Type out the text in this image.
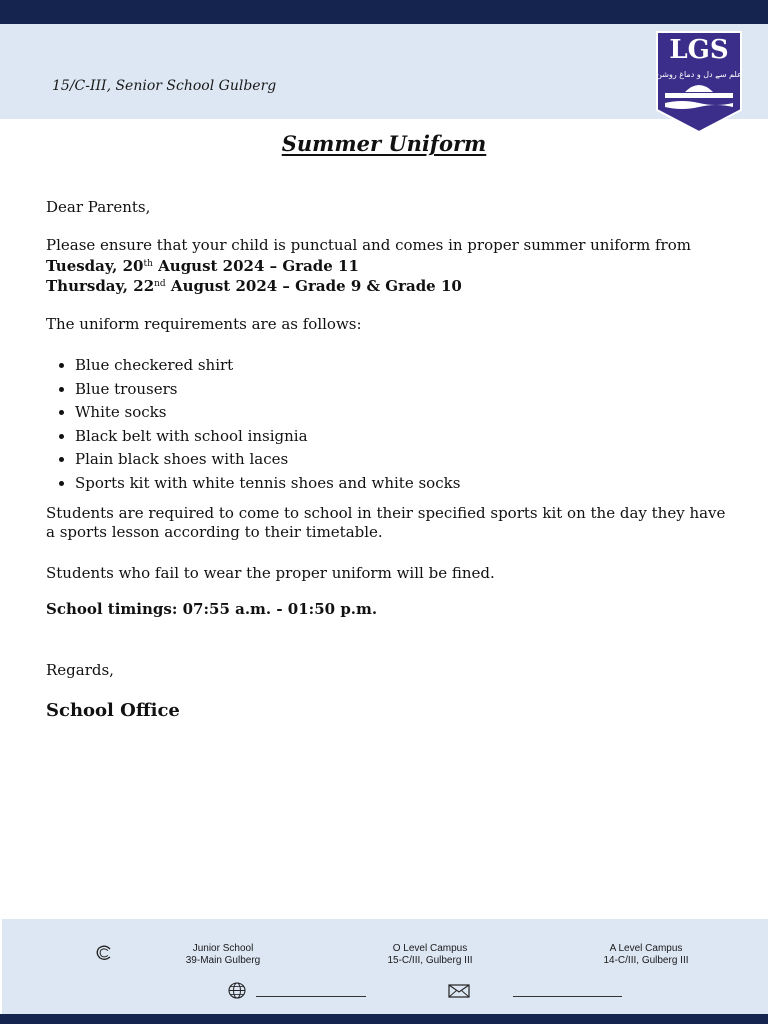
15/C-III, Senior School Gulberg
LGS
علم سے دل و دماغ روشن
Summer Uniform
Dear Parents,
Please ensure that your child is punctual and comes in proper summer uniform from
Tuesday, 20th August 2024 – Grade 11
Thursday, 22nd August 2024 – Grade 9 & Grade 10
The uniform requirements are as follows:
• Blue checkered shirt
• Blue trousers
• White socks
• Black belt with school insignia
• Plain black shoes with laces
• Sports kit with white tennis shoes and white socks
Students are required to come to school in their specified sports kit on the day they have a sports lesson according to their timetable.
Students who fail to wear the proper uniform will be fined.
School timings: 07:55 a.m. - 01:50 p.m.
Regards,
School Office
Junior School
39-Main Gulberg
O Level Campus
15-C/III, Gulberg III
A Level Campus
14-C/III, Gulberg III
